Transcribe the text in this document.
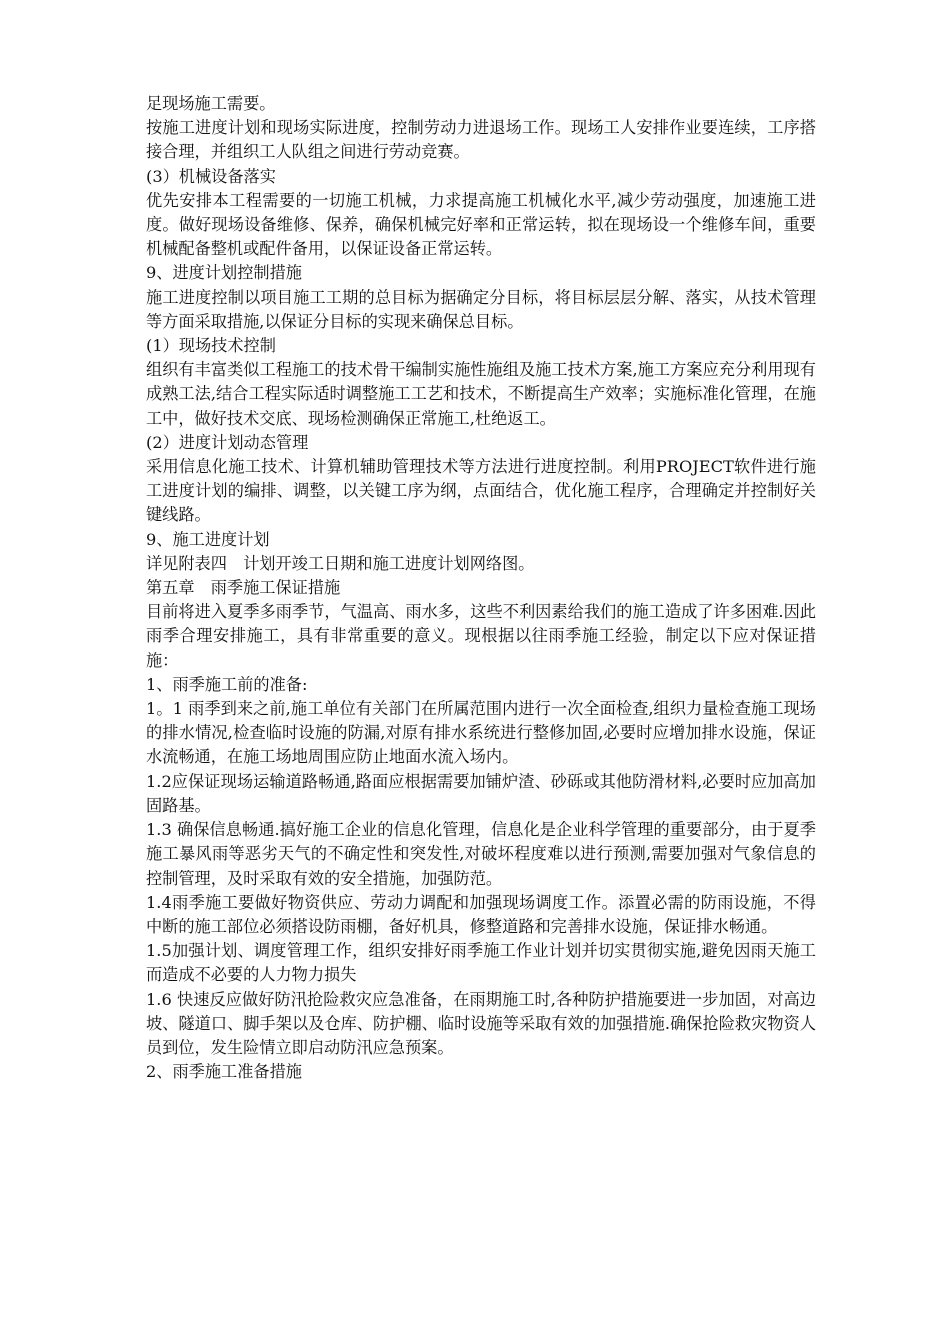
足现场施工需要。

按施工进度计划和现场实际进度，控制劳动力进退场工作。现场工人安排作业要连续，工序搭接合理，并组织工人队组之间进行劳动竞赛。

(3）机械设备落实

优先安排本工程需要的一切施工机械，力求提高施工机械化水平,减少劳动强度，加速施工进度。做好现场设备维修、保养，确保机械完好率和正常运转，拟在现场设一个维修车间，重要机械配备整机或配件备用，以保证设备正常运转。

9、进度计划控制措施

施工进度控制以项目施工工期的总目标为据确定分目标，将目标层层分解、落实，从技术管理等方面采取措施,以保证分目标的实现来确保总目标。

(1）现场技术控制

组织有丰富类似工程施工的技术骨干编制实施性施组及施工技术方案,施工方案应充分利用现有成熟工法,结合工程实际适时调整施工工艺和技术，不断提高生产效率；实施标准化管理，在施工中，做好技术交底、现场检测确保正常施工,杜绝返工。

(2）进度计划动态管理

采用信息化施工技术、计算机辅助管理技术等方法进行进度控制。利用PROJECT软件进行施工进度计划的编排、调整，以关键工序为纲，点面结合，优化施工程序，合理确定并控制好关键线路。

9、施工进度计划

详见附表四　计划开竣工日期和施工进度计划网络图。

第五章　雨季施工保证措施

目前将进入夏季多雨季节，气温高、雨水多，这些不利因素给我们的施工造成了许多困难.因此雨季合理安排施工，具有非常重要的意义。现根据以往雨季施工经验，制定以下应对保证措施：

1、雨季施工前的准备:

1。1 雨季到来之前,施工单位有关部门在所属范围内进行一次全面检查,组织力量检查施工现场的排水情况,检查临时设施的防漏,对原有排水系统进行整修加固,必要时应增加排水设施，保证水流畅通，在施工场地周围应防止地面水流入场内。

1.2应保证现场运输道路畅通,路面应根据需要加铺炉渣、砂砾或其他防滑材料,必要时应加高加固路基。

1.3 确保信息畅通.搞好施工企业的信息化管理，信息化是企业科学管理的重要部分，由于夏季施工暴风雨等恶劣天气的不确定性和突发性,对破坏程度难以进行预测,需要加强对气象信息的控制管理，及时采取有效的安全措施，加强防范。

1.4雨季施工要做好物资供应、劳动力调配和加强现场调度工作。添置必需的防雨设施，不得中断的施工部位必须搭设防雨棚，备好机具，修整道路和完善排水设施，保证排水畅通。

1.5加强计划、调度管理工作，组织安排好雨季施工作业计划并切实贯彻实施,避免因雨天施工而造成不必要的人力物力损失

1.6 快速反应做好防汛抢险救灾应急准备，在雨期施工时,各种防护措施要进一步加固，对高边坡、隧道口、脚手架以及仓库、防护棚、临时设施等采取有效的加强措施.确保抢险救灾物资人员到位，发生险情立即启动防汛应急预案。

2、雨季施工准备措施
